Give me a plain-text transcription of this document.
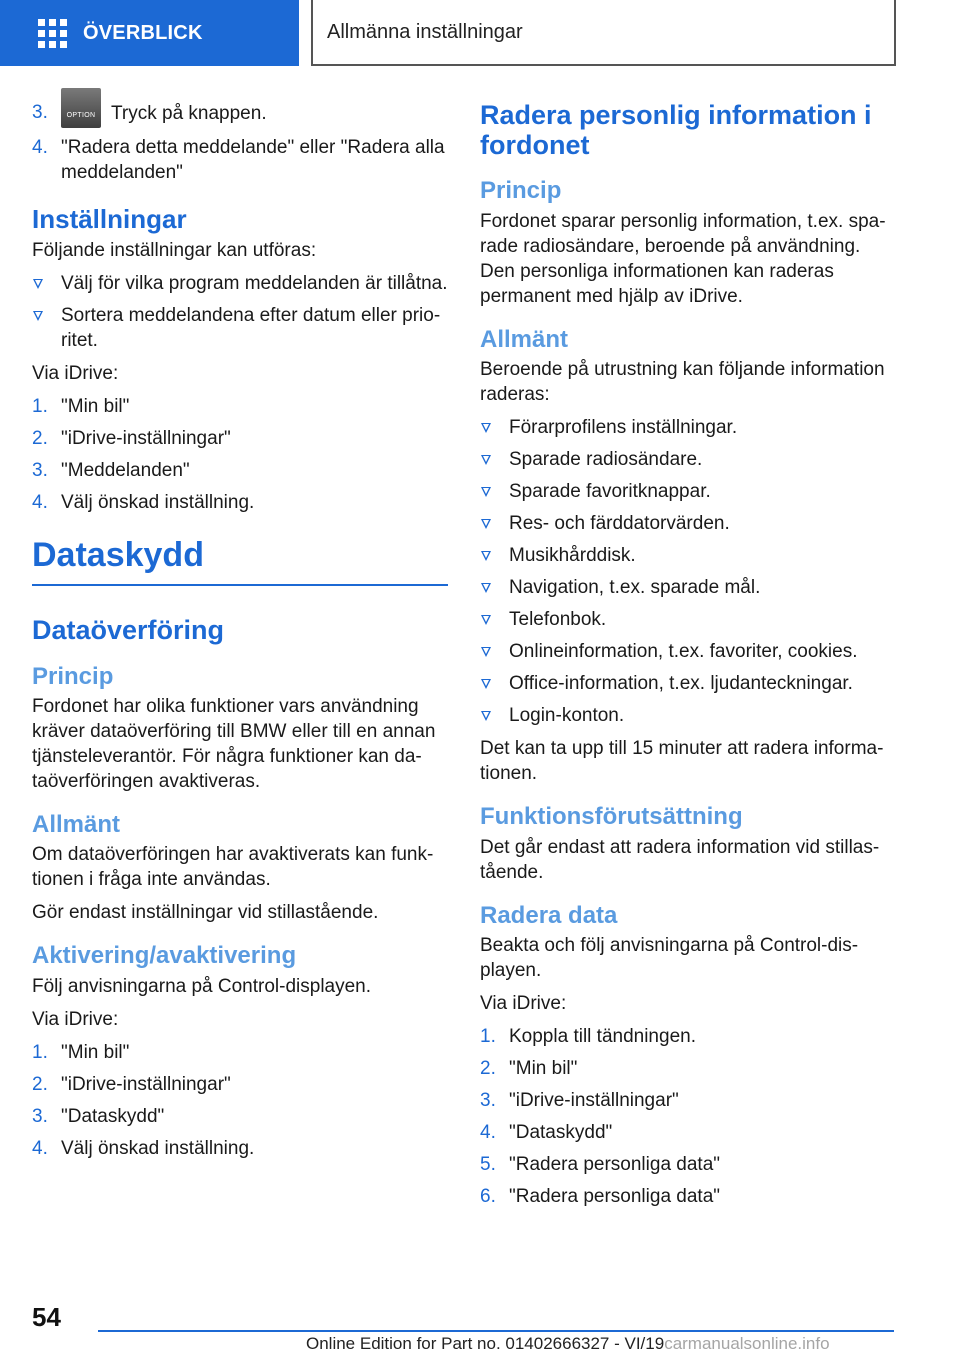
ÖVERBLICK	Allmänna inställningar
3.	OPTION Tryck på knappen.
4. "Radera detta meddelande" eller "Radera alla meddelanden"
Inställningar

Följande inställningar kan utföras:

Välj för vilka program meddelanden är tillåtna.
Sortera meddelandena efter datum eller prioritet.

Via iDrive:

1. "Min bil"
2. "iDrive-inställningar"
3. "Meddelanden"
4. Välj önskad inställning.
Dataskydd
Dataöverföring
Princip

Fordonet har olika funktioner vars användning kräver dataöverföring till BMW eller till en annan tjänsteleverantör. För några funktioner kan dataöverföringen avaktiveras.

Allmänt

Om dataöverföringen har avaktiverats kan funktionen i fråga inte användas.

Gör endast inställningar vid stillastående.

Aktivering/avaktivering

Följ anvisningarna på Control-displayen.

Via iDrive:

1. "Min bil"
2. "iDrive-inställningar"
3. "Dataskydd"
4. Välj önskad inställning.
Radera personlig information i fordonet
Princip

Fordonet sparar personlig information, t.ex. sparade radiosändare, beroende på användning. Den personliga informationen kan raderas permanent med hjälp av iDrive.

Allmänt

Beroende på utrustning kan följande information raderas:

Förarprofilens inställningar.
Sparade radiosändare.
Sparade favoritknappar.
Res- och färddatorvärden.
Musikhårddisk.
Navigation, t.ex. sparade mål.
Telefonbok.
Onlineinformation, t.ex. favoriter, cookies.
Office-information, t.ex. ljudanteckningar.
Login-konton.

Det kan ta upp till 15 minuter att radera informationen.

Funktionsförutsättning

Det går endast att radera information vid stillastående.

Radera data

Beakta och följ anvisningarna på Control-displayen.

Via iDrive:

1. Koppla till tändningen.
2. "Min bil"
3. "iDrive-inställningar"
4. "Dataskydd"
5. "Radera personliga data"
6. "Radera personliga data"
54
Online Edition for Part no. 01402666327 - VI/19carmanualsonline.info
